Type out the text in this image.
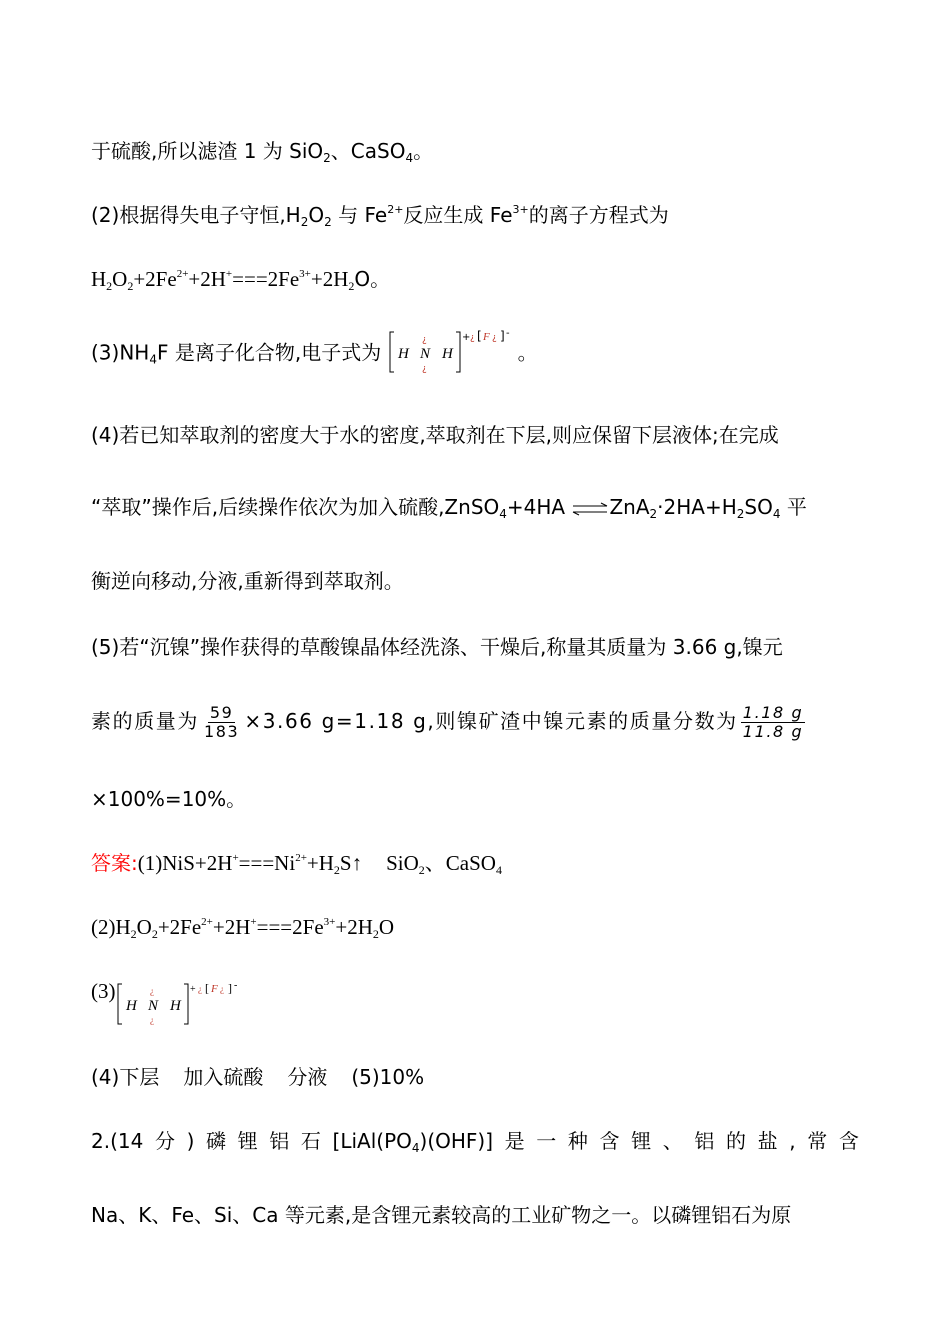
于硫酸,所以滤渣 1 为 SiO$_2$、CaSO$_4$。
(2)根据得失电子守恒$,H_2O_2$ 与 $Fe^{2+}$反应生成 $Fe^{3+}$的离子方程式为
$H_2O_2+2Fe^{2+}+2H^+===2Fe^{3+}+2H_2O$。
$(3)NH_4F$ 是离子化合物,电子式为 H N H
¿
¿
+ ¿ [ F ¿ ] -
。
(4)若已知萃取剂的密度大于水的密度,萃取剂在下层,则应保留下层液体;在完成
“萃取”操作后,后续操作依次为加入硫酸,ZnSO$_4$+4HA $\rightleftharpoons ZnA_2\cdot 2HA+H_2SO_4$ 平
衡逆向移动,分液,重新得到萃取剂。
(5)若“沉镍”操作获得的草酸镍晶体经洗涤、干燥后,称量其质量为 3.66 g,镍元
素的质量为 $\frac{59}{183} \times 3.66$ g=1.18 g,则镍矿渣中镍元素的质量分数为 $\frac{1.18 g}{11.8 g}$
×100%=10%。
答案$:(1)NiS+2H^+===Ni^{2+}+H_2S↑$ SiO$_2$、CaSO$_4$
$(2)H_2O_2+2Fe^{2+}+2H^+===2Fe^{3+}+2H_2O$
(3)
H N H
¿
¿
+ ¿ [ F ¿ ] -
(4)下层 加入硫酸 分液 (5)10%
2.(14 分 ) 磷 锂 铝 石 $[LiAl(PO_4)(OHF)]$ 是 一 种 含 锂 、 铝 的 盐 , 常 含
Na、K、Fe、Si、Ca 等元素,是含锂元素较高的工业矿物之一。以磷锂铝石为原
